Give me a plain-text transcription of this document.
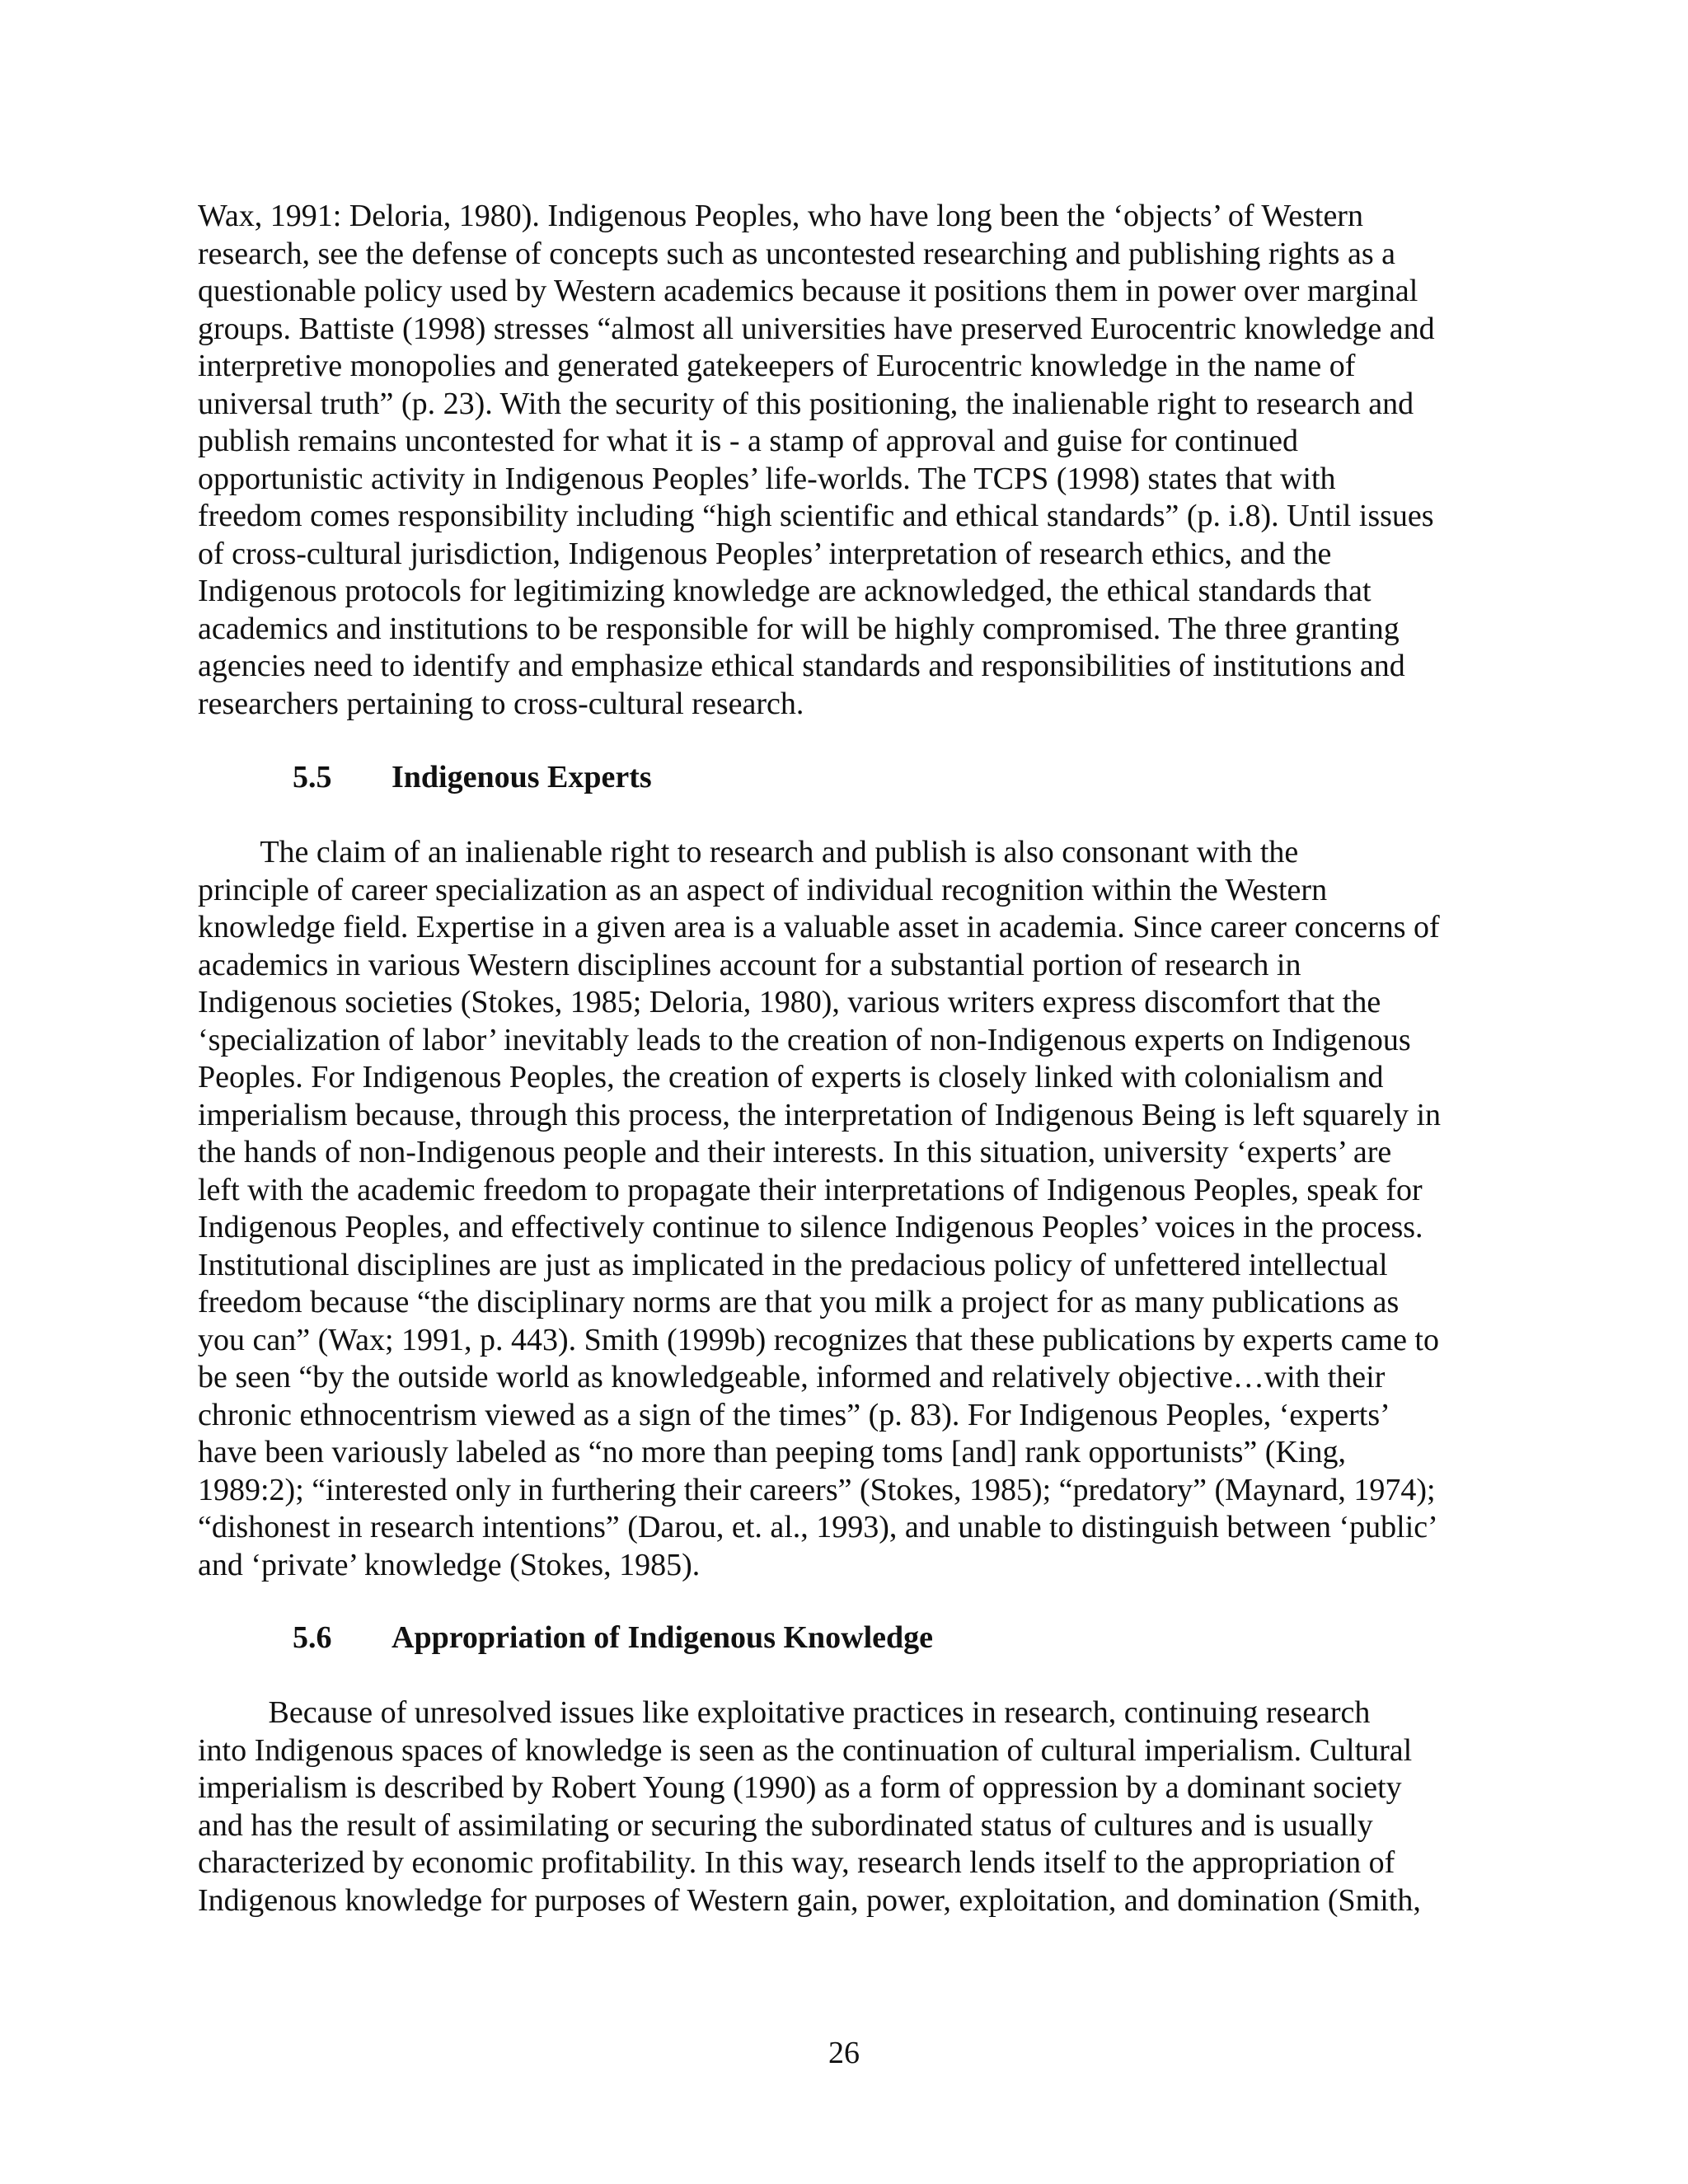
Wax, 1991: Deloria, 1980). Indigenous Peoples, who have long been the ‘objects’ of Western
research, see the defense of concepts such as uncontested researching and publishing rights as a
questionable policy used by Western academics because it positions them in power over marginal
groups. Battiste (1998) stresses “almost all universities have preserved Eurocentric knowledge and
interpretive monopolies and generated gatekeepers of Eurocentric knowledge in the name of
universal truth” (p. 23). With the security of this positioning, the inalienable right to research and
publish remains uncontested for what it is - a stamp of approval and guise for continued
opportunistic activity in Indigenous Peoples’ life-worlds. The TCPS (1998) states that with
freedom comes responsibility including “high scientific and ethical standards” (p. i.8). Until issues
of cross-cultural jurisdiction, Indigenous Peoples’ interpretation of research ethics, and the
Indigenous protocols for legitimizing knowledge are acknowledged, the ethical standards that
academics and institutions to be responsible for will be highly compromised. The three granting
agencies need to identify and emphasize ethical standards and responsibilities of institutions and
researchers pertaining to cross-cultural research.
5.5 Indigenous Experts
The claim of an inalienable right to research and publish is also consonant with the
principle of career specialization as an aspect of individual recognition within the Western
knowledge field. Expertise in a given area is a valuable asset in academia. Since career concerns of
academics in various Western disciplines account for a substantial portion of research in
Indigenous societies (Stokes, 1985; Deloria, 1980), various writers express discomfort that the
‘specialization of labor’ inevitably leads to the creation of non-Indigenous experts on Indigenous
Peoples. For Indigenous Peoples, the creation of experts is closely linked with colonialism and
imperialism because, through this process, the interpretation of Indigenous Being is left squarely in
the hands of non-Indigenous people and their interests. In this situation, university ‘experts’ are
left with the academic freedom to propagate their interpretations of Indigenous Peoples, speak for
Indigenous Peoples, and effectively continue to silence Indigenous Peoples’ voices in the process.
Institutional disciplines are just as implicated in the predacious policy of unfettered intellectual
freedom because “the disciplinary norms are that you milk a project for as many publications as
you can” (Wax; 1991, p. 443). Smith (1999b) recognizes that these publications by experts came to
be seen “by the outside world as knowledgeable, informed and relatively objective…with their
chronic ethnocentrism viewed as a sign of the times” (p. 83). For Indigenous Peoples, ‘experts’
have been variously labeled as “no more than peeping toms [and] rank opportunists” (King,
1989:2); “interested only in furthering their careers” (Stokes, 1985); “predatory” (Maynard, 1974);
“dishonest in research intentions” (Darou, et. al., 1993), and unable to distinguish between ‘public’
and ‘private’ knowledge (Stokes, 1985).
5.6 Appropriation of Indigenous Knowledge
Because of unresolved issues like exploitative practices in research, continuing research
into Indigenous spaces of knowledge is seen as the continuation of cultural imperialism. Cultural
imperialism is described by Robert Young (1990) as a form of oppression by a dominant society
and has the result of assimilating or securing the subordinated status of cultures and is usually
characterized by economic profitability. In this way, research lends itself to the appropriation of
Indigenous knowledge for purposes of Western gain, power, exploitation, and domination (Smith,
26
